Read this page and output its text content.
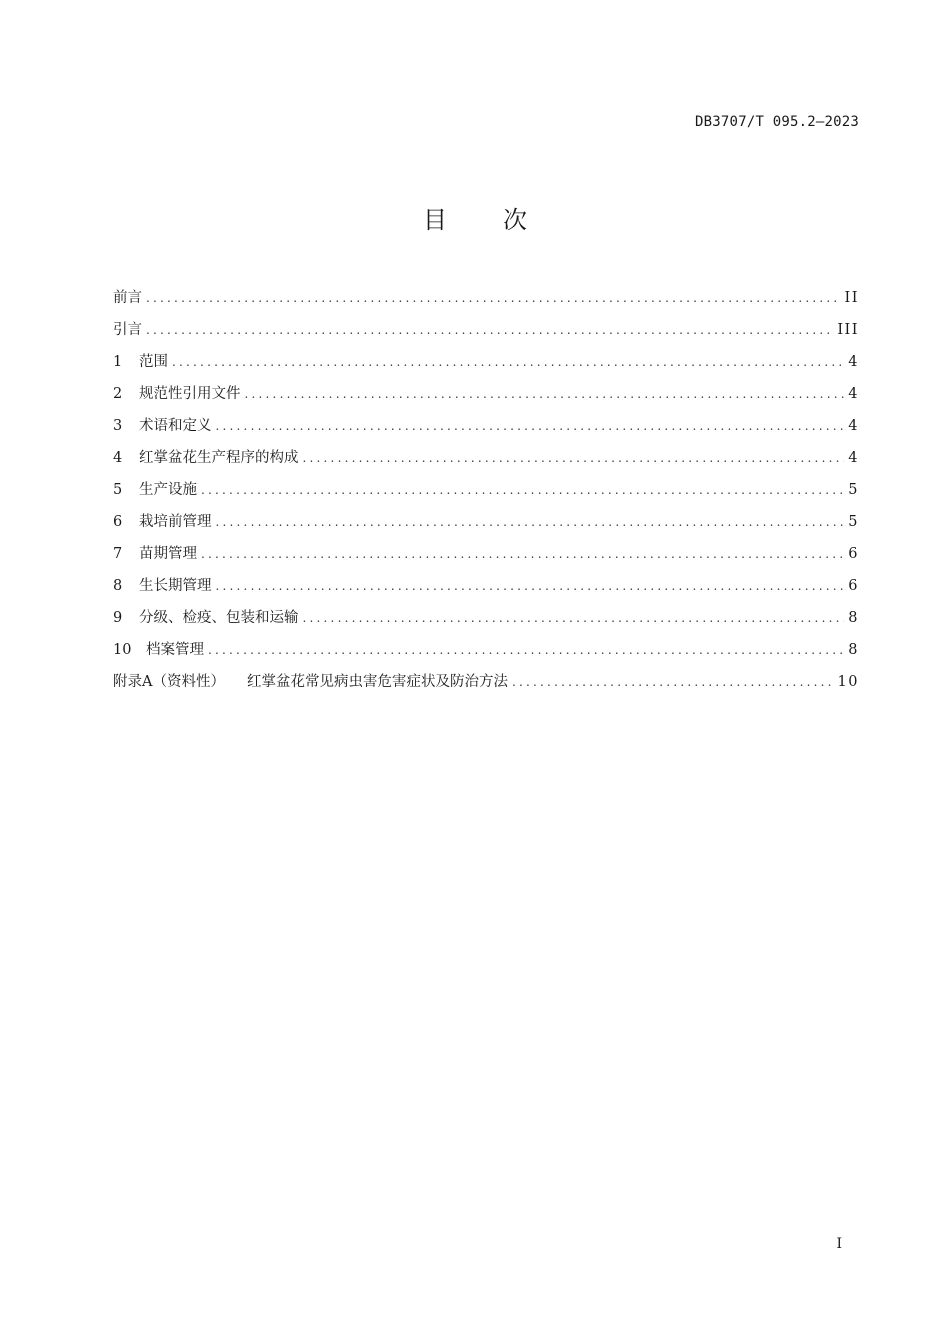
DB3707/T 095.2—2023
目次
前言 .....	II
引言 .....	III
1	范围 .....	4
2	规范性引用文件 .....	4
3	术语和定义 .....	4
4	红掌盆花生产程序的构成 .....	4
5	生产设施 .....	5
6	栽培前管理 .....	5
7	苗期管理 .....	6
8	生长期管理 .....	6
9	分级、检疫、包装和运输 .....	8
10	档案管理 .....	8
附录A（资料性） 红掌盆花常见病虫害危害症状及防治方法 .....	10
I
